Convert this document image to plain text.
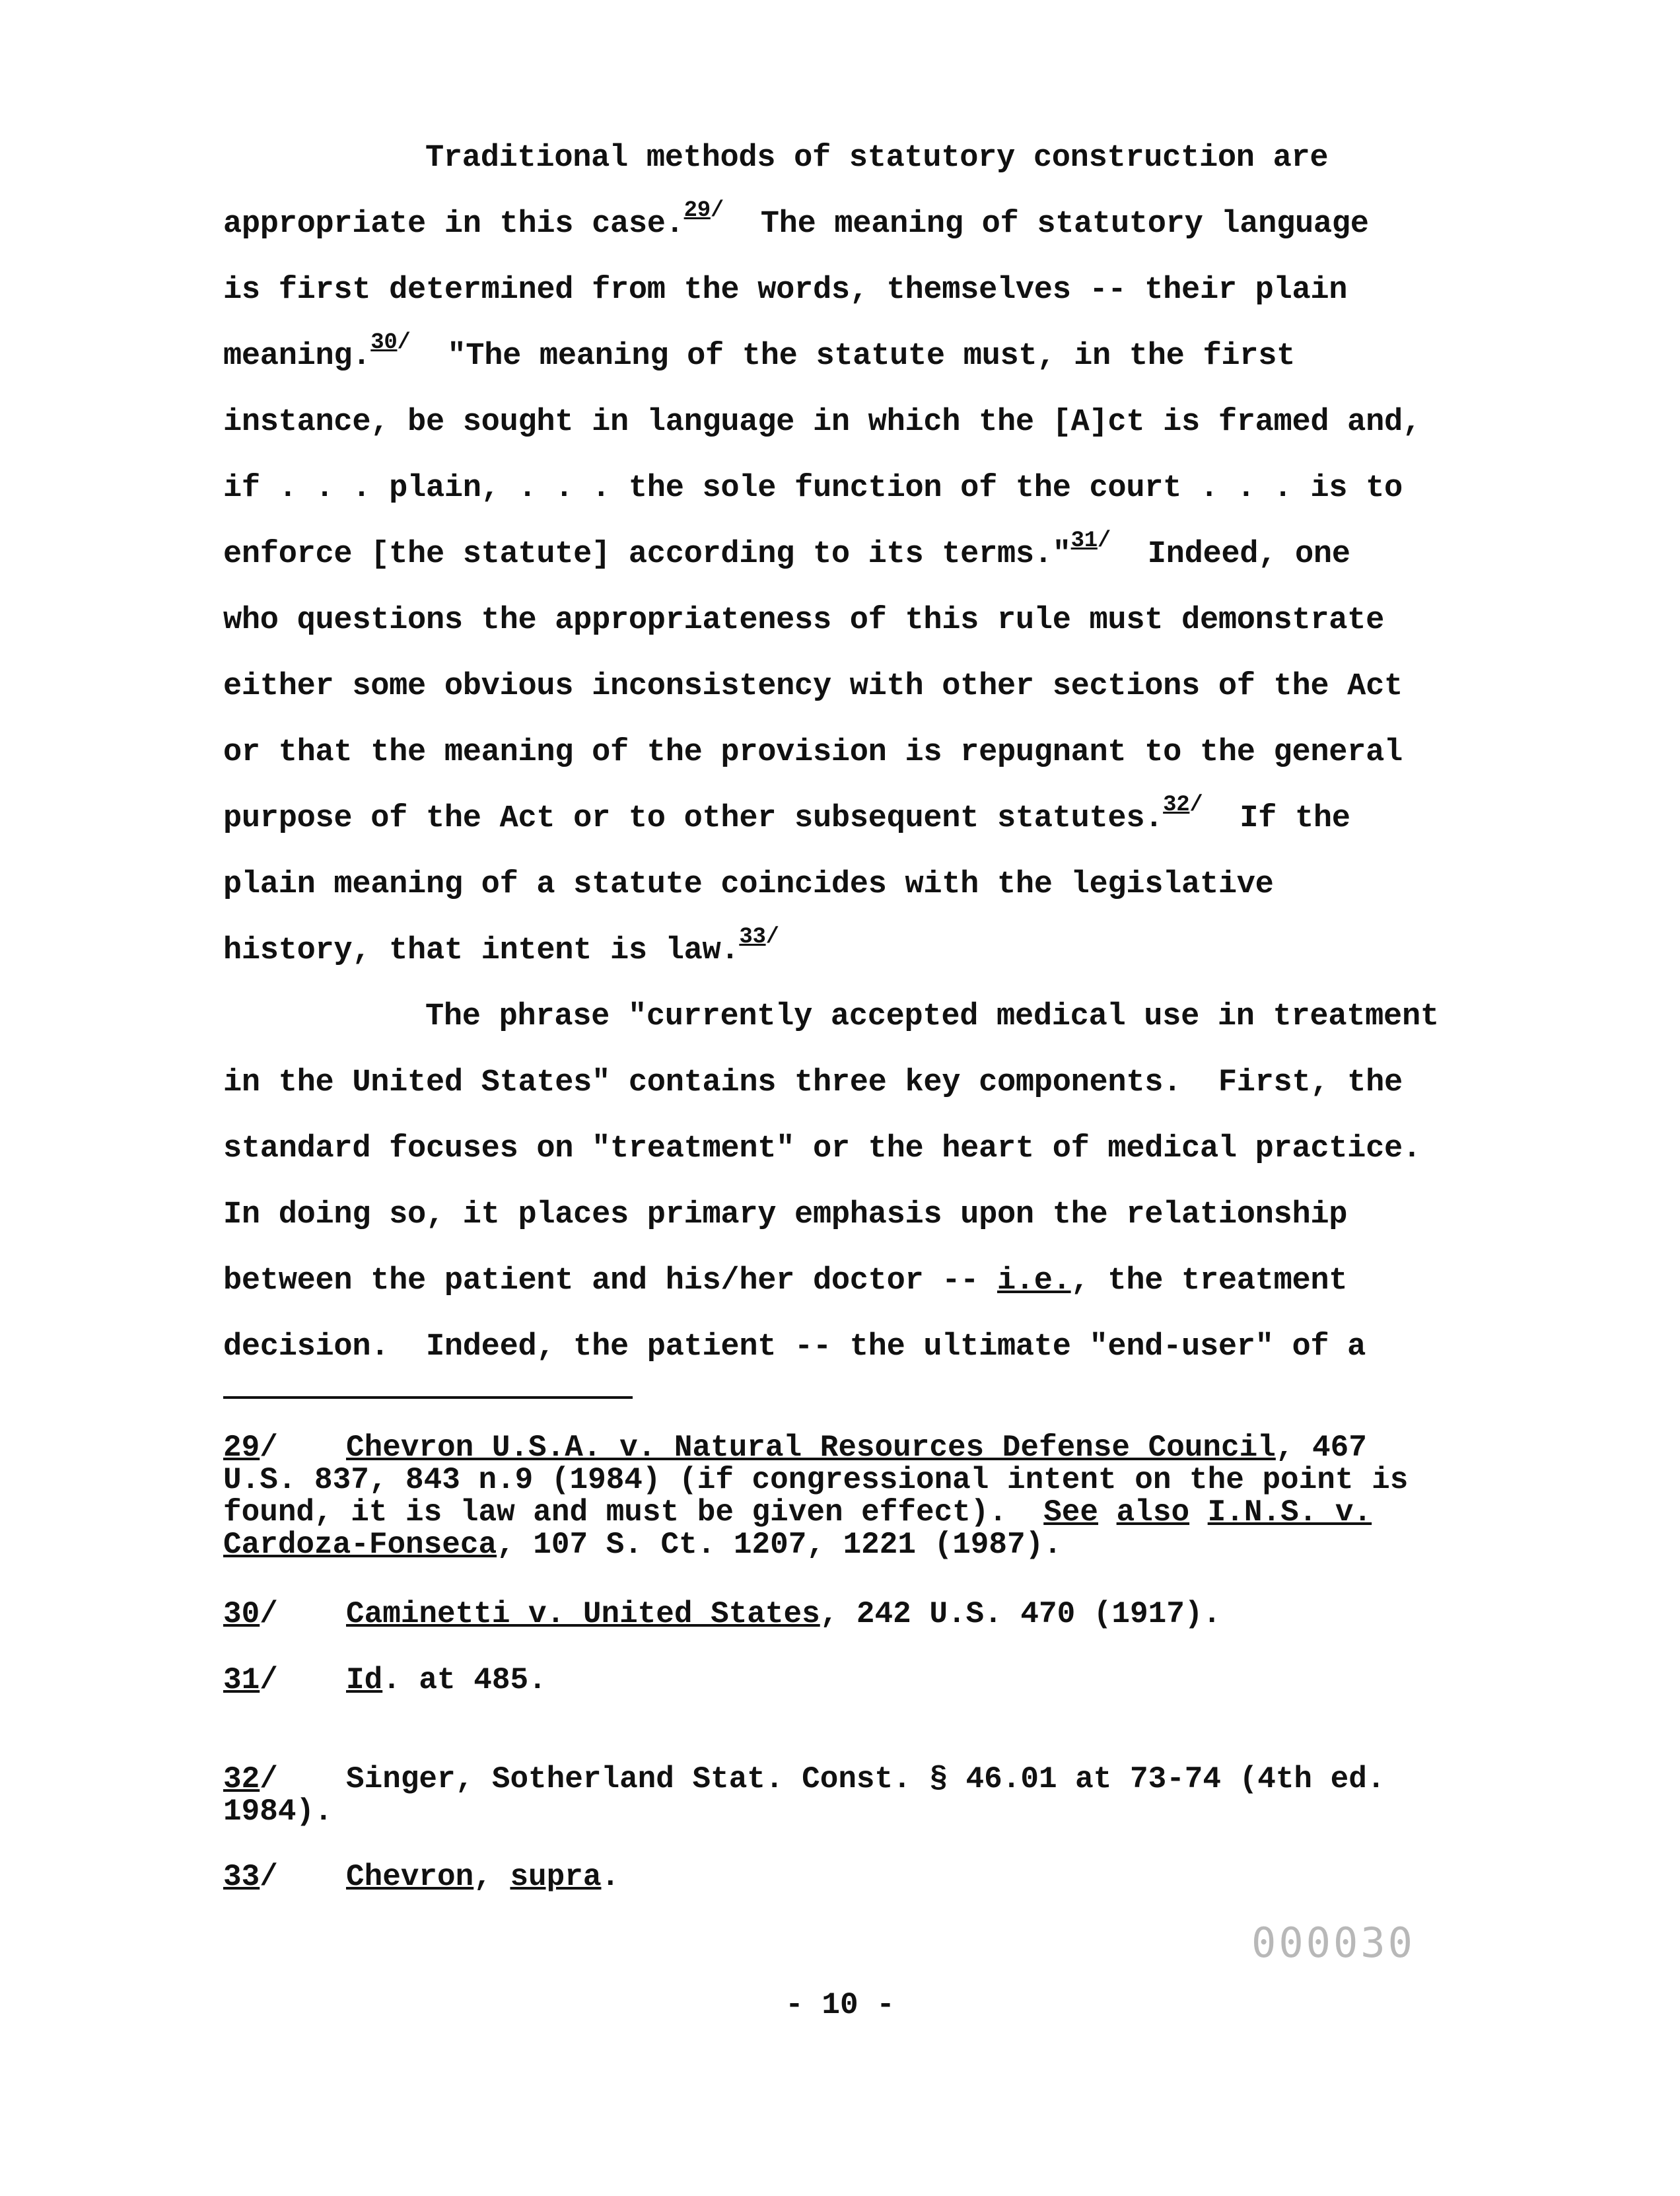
Traditional methods of statutory construction are
appropriate in this case.$^{29/}$  The meaning of statutory language
is first determined from the words, themselves -- their plain
meaning.$^{30/}$  "The meaning of the statute must, in the first
instance, be sought in language in which the [A]ct is framed and,
if . . . plain, . . . the sole function of the court . . . is to
enforce [the statute] according to its terms."$^{31/}$  Indeed, one
who questions the appropriateness of this rule must demonstrate
either some obvious inconsistency with other sections of the Act
or that the meaning of the provision is repugnant to the general
purpose of the Act or to other subsequent statutes.$^{32/}$  If the
plain meaning of a statute coincides with the legislative
history, that intent is law.$^{33/}$
The phrase "currently accepted medical use in treatment
in the United States" contains three key components.  First, the
standard focuses on "treatment" or the heart of medical practice.
In doing so, it places primary emphasis upon the relationship
between the patient and his/her doctor -- i.e., the treatment
decision.  Indeed, the patient -- the ultimate "end-user" of a
29/ Chevron U.S.A. v. Natural Resources Defense Council, 467
U.S. 837, 843 n.9 (1984) (if congressional intent on the point is
found, it is law and must be given effect).  See also I.N.S. v.
Cardoza-Fonseca, 107 S. Ct. 1207, 1221 (1987).
30/ Caminetti v. United States, 242 U.S. 470 (1917).
31/ Id. at 485.
32/ Singer, Sotherland Stat. Const. § 46.01 at 73-74 (4th ed.
1984).
33/ Chevron, supra.
000030
- 10 -
